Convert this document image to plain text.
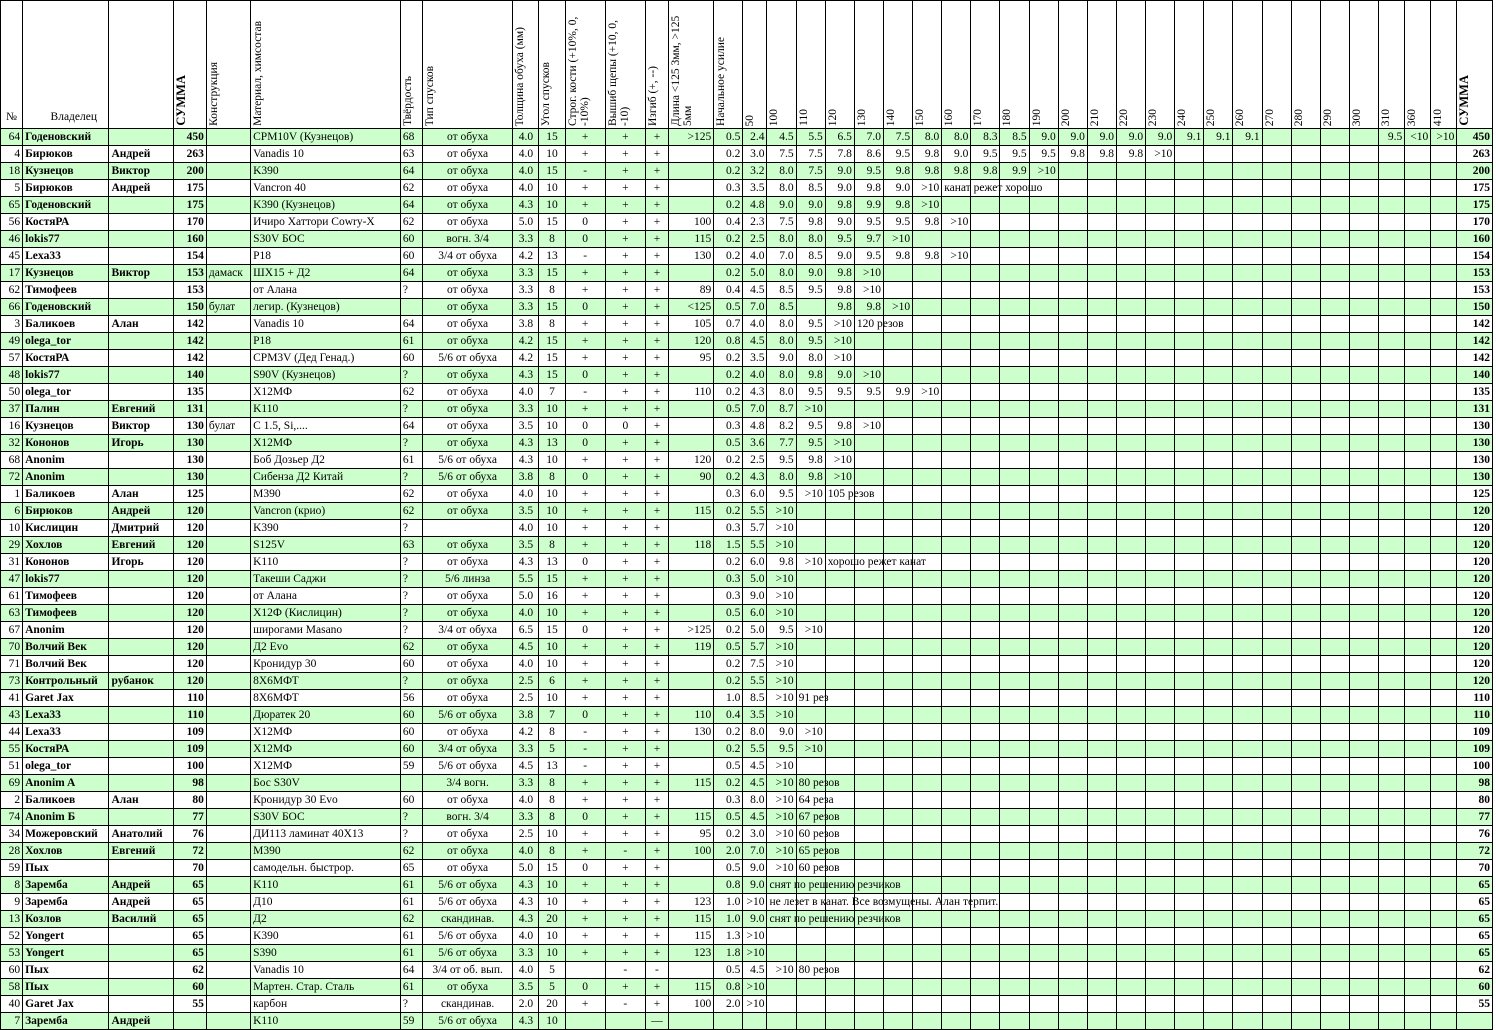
№	Владелец		СУММА	Конструкция	Материал, химсостав	Твёрдость	Тип спусков	Толщина обуха (мм)	Угол спусков	Строг. кости (+10%, 0, -10%)	Вышиб щепы (+10, 0, -10)	Изгиб (+, --)	Длина <125 3мм, >125 5мм	Начальное усилие	50	100	110	120	130	140	150	160	170	180	190	200	210	220	230	240	250	260	270	280	290	300	310	360	410	СУММА

64	Годеновский		450		CPM10V (Кузнецов)	68	от обуха	4.0	15	+	+	+	>125	0.5	2.4	4.5	5.5	6.5	7.0	7.5	8.0	8.0	8.3	8.5	9.0	9.0	9.0	9.0	9.0	9.1	9.1	9.1					9.5	<10	>10	450
4	Бирюков	Андрей	263		Vanadis 10	63	от обуха	4.0	10	+	+	+		0.2	3.0	7.5	7.5	7.8	8.6	9.5	9.8	9.0	9.5	9.5	9.5	9.8	9.8	9.8	>10											263
18	Кузнецов	Виктор	200		K390	64	от обуха	4.0	15	-	+	+		0.2	3.2	8.0	7.5	9.0	9.5	9.8	9.8	9.8	9.8	9.9	>10															200
5	Бирюков	Андрей	175		Vancron 40	62	от обуха	4.0	10	+	+	+		0.3	3.5	8.0	8.5	9.0	9.8	9.0	>10	канат режет хорошо																		175
65	Годеновский		175		K390 (Кузнецов)	64	от обуха	4.3	10	+	+	+		0.2	4.8	9.0	9.0	9.8	9.9	9.8	>10																			175
56	КостяРА		170		Ичиро Хаттори Cowry-X	62	от обуха	5.0	15	0	+	+	100	0.4	2.3	7.5	9.8	9.0	9.5	9.5	9.8	>10																		170
46	lokis77		160		S30V БОС	60	вогн. 3/4	3.3	8	0	+	+	115	0.2	2.5	8.0	8.0	9.5	9.7	>10																				160
45	Lexa33		154		P18	60	3/4 от обуха	4.2	13	-	+	+	130	0.2	4.0	7.0	8.5	9.0	9.5	9.8	9.8	>10																		154
17	Кузнецов	Виктор	153	дамаск	ШХ15 + Д2	64	от обуха	3.3	15	+	+	+		0.2	5.0	8.0	9.0	9.8	>10																					153
62	Тимофеев		153		от Алана	?	от обуха	3.3	8	+	+	+	89	0.4	4.5	8.5	9.5	9.8	>10																					153
66	Годеновский		150	булат	легир. (Кузнецов)		от обуха	3.3	15	0	+	+	<125	0.5	7.0	8.5		9.8	9.8	>10																				150
3	Баликоев	Алан	142		Vanadis 10	64	от обуха	3.8	8	+	+	+	105	0.7	4.0	8.0	9.5	>10	120 резов																					142
49	olega_tor		142		P18	61	от обуха	4.2	15	+	+	+	120	0.8	4.5	8.0	9.5	>10																						142
57	КостяРА		142		CPM3V (Дед Генад.)	60	5/6 от обуха	4.2	15	+	+	+	95	0.2	3.5	9.0	8.0	>10																						142
48	lokis77		140		S90V (Кузнецов)	?	от обуха	4.3	15	0	+	+		0.2	4.0	8.0	9.8	9.0	>10																					140
50	olega_tor		135		Х12МФ	62	от обуха	4.0	7	-	+	+	110	0.2	4.3	8.0	9.5	9.5	9.5	9.9	>10																			135
37	Палин	Евгений	131		K110	?	от обуха	3.3	10	+	+	+		0.5	7.0	8.7	>10																							131
16	Кузнецов	Виктор	130	булат	С 1.5, Si,....	64	от обуха	3.5	10	0	0	+		0.3	4.8	8.2	9.5	9.8	>10																					130
32	Кононов	Игорь	130		Х12МФ	?	от обуха	4.3	13	0	+	+		0.5	3.6	7.7	9.5	>10																						130
68	Anonim		130		Боб Дозьер Д2	61	5/6 от обуха	4.3	10	+	+	+	120	0.2	2.5	9.5	9.8	>10																						130
72	Anonim		130		Сибенза Д2 Китай	?	5/6 от обуха	3.8	8	0	+	+	90	0.2	4.3	8.0	9.8	>10																						130
1	Баликоев	Алан	125		M390	62	от обуха	4.0	10	+	+	+		0.3	6.0	9.5	>10	105 резов																						125
6	Бирюков	Андрей	120		Vancron (крио)	62	от обуха	3.5	10	+	+	+	115	0.2	5.5	>10																								120
10	Кислицин	Дмитрий	120		K390	?		4.0	10	+	+	+		0.3	5.7	>10																								120
29	Хохлов	Евгений	120		S125V	63	от обуха	3.5	8	+	+	+	118	1.5	5.5	>10																								120
31	Кононов	Игорь	120		K110	?	от обуха	4.3	13	0	+	+		0.2	6.0	9.8	>10	хорошо режет канат																						120
47	lokis77		120		Такеши Саджи	?	5/6 линза	5.5	15	+	+	+		0.3	5.0	>10																								120
61	Тимофеев		120		от Алана	?	от обуха	5.0	16	+	+	+		0.3	9.0	>10																								120
63	Тимофеев		120		Х12Ф (Кислицин)	?	от обуха	4.0	10	+	+	+		0.5	6.0	>10																								120
67	Anonim		120		широгами Masano	?	3/4 от обуха	6.5	15	0	+	+	>125	0.2	5.0	9.5	>10																							120
70	Волчий Век		120		Д2 Evo	62	от обуха	4.5	10	+	+	+	119	0.5	5.7	>10																								120
71	Волчий Век		120		Кронидур 30	60	от обуха	4.0	10	+	+	+		0.2	7.5	>10																								120
73	Контрольный	рубанок	120		8Х6МФТ	?	от обуха	2.5	6	+	+	+		0.2	5.5	>10																								120
41	Garet Jax		110		8Х6МФТ	56	от обуха	2.5	10	+	+	+		1.0	8.5	>10	91 рез																							110
43	Lexa33		110		Дюратек 20	60	5/6 от обуха	3.8	7	0	+	+	110	0.4	3.5	>10																								110
44	Lexa33		109		Х12МФ	60	от обуха	4.2	8	-	+	+	130	0.2	8.0	9.0	>10																							109
55	КостяРА		109		Х12МФ	60	3/4 от обуха	3.3	5	-	+	+		0.2	5.5	9.5	>10																							109
51	olega_tor		100		Х12МФ	59	5/6 от обуха	4.5	13	-	+	+		0.5	4.5	>10																								100
69	Anonim A		98		Бос S30V		3/4 вогн.	3.3	8	+	+	+	115	0.2	4.5	>10	80 резов																							98
2	Баликоев	Алан	80		Кронидур 30 Evo	60	от обуха	4.0	8	+	+	+		0.3	8.0	>10	64 реза																							80
74	Anonim Б		77		S30V БОС	?	вогн. 3/4	3.3	8	0	+	+	115	0.5	4.5	>10	67 резов																							77
34	Можеровский	Анатолий	76		ДИ113 ламинат 40Х13	?	от обуха	2.5	10	+	+	+	95	0.2	3.0	>10	60 резов																							76
28	Хохлов	Евгений	72		M390	62	от обуха	4.0	8	+	-	+	100	2.0	7.0	>10	65 резов																							72
59	Пых		70		самодельн. быстрор.	65	от обуха	5.0	15	0	+	+		0.5	9.0	>10	60 резов																							70
8	Заремба	Андрей	65		K110	61	5/6 от обуха	4.3	10	+	+	+		0.8	9.0	снят по решению резчиков																								65
9	Заремба	Андрей	65		Д10	61	5/6 от обуха	4.3	10	+	+	+	123	1.0	>10	не лезет в канат. Все возмущены. Алан терпит.																								65
13	Козлов	Василий	65		Д2	62	скандинав.	4.3	20	+	+	+	115	1.0	9.0	снят по решению резчиков																								65
52	Yongert		65		K390	61	5/6 от обуха	4.0	10	+	+	+	115	1.3	>10																									65
53	Yongert		65		S390	61	5/6 от обуха	3.3	10	+	+	+	123	1.8	>10																									65
60	Пых		62		Vanadis 10	64	3/4 от об. вып.	4.0	5		-	-		0.5	4.5	>10	80 резов																							62
58	Пых		60		Мартен. Стар. Сталь	61	от обуха	3.5	5	0	+	+	115	0.8	>10																									60
40	Garet Jax		55		карбон	?	скандинав.	2.0	20	+	-	+	100	2.0	>10																									55
7	Заремба	Андрей			K110	59	5/6 от обуха	4.3	10			—																												
